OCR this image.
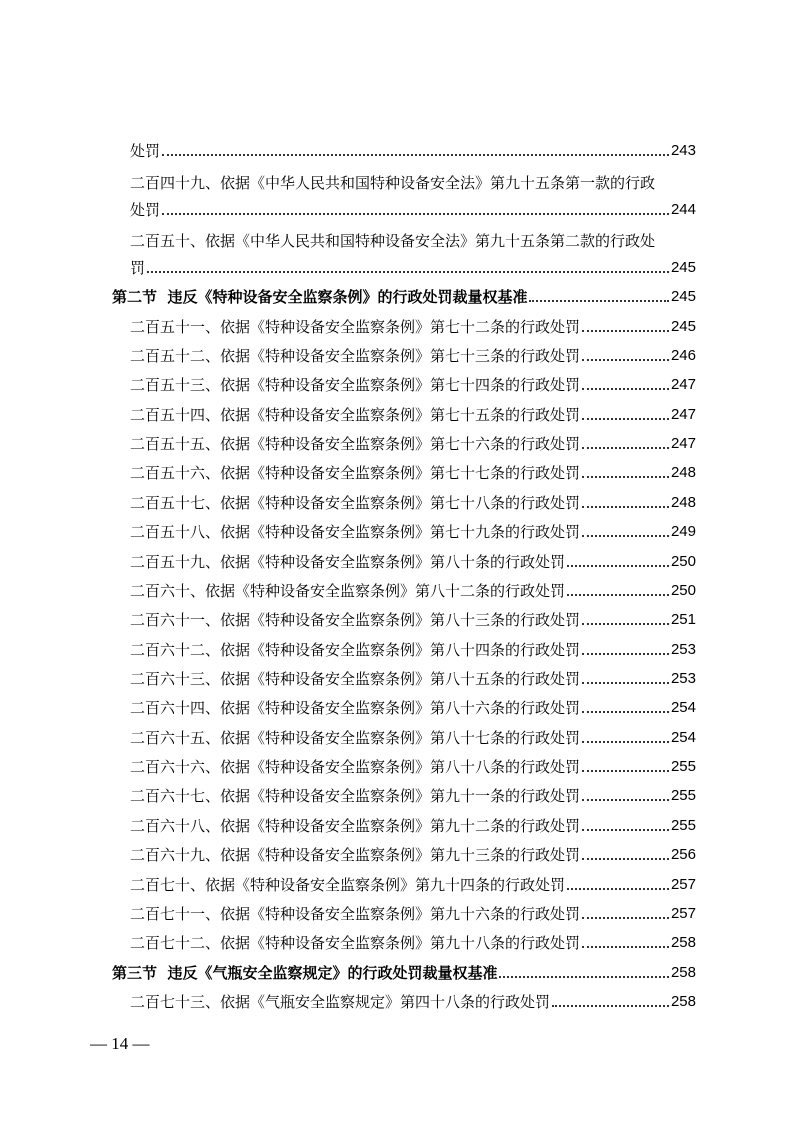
处罚	243
二百四十九、依据《中华人民共和国特种设备安全法》第九十五条第一款的行政
处罚	244
二百五十、依据《中华人民共和国特种设备安全法》第九十五条第二款的行政处
罚	245
第二节  违反《特种设备安全监察条例》的行政处罚裁量权基准	245
二百五十一、依据《特种设备安全监察条例》第七十二条的行政处罚	245
二百五十二、依据《特种设备安全监察条例》第七十三条的行政处罚	246
二百五十三、依据《特种设备安全监察条例》第七十四条的行政处罚	247
二百五十四、依据《特种设备安全监察条例》第七十五条的行政处罚	247
二百五十五、依据《特种设备安全监察条例》第七十六条的行政处罚	247
二百五十六、依据《特种设备安全监察条例》第七十七条的行政处罚	248
二百五十七、依据《特种设备安全监察条例》第七十八条的行政处罚	248
二百五十八、依据《特种设备安全监察条例》第七十九条的行政处罚	249
二百五十九、依据《特种设备安全监察条例》第八十条的行政处罚	250
二百六十、依据《特种设备安全监察条例》第八十二条的行政处罚	250
二百六十一、依据《特种设备安全监察条例》第八十三条的行政处罚	251
二百六十二、依据《特种设备安全监察条例》第八十四条的行政处罚	253
二百六十三、依据《特种设备安全监察条例》第八十五条的行政处罚	253
二百六十四、依据《特种设备安全监察条例》第八十六条的行政处罚	254
二百六十五、依据《特种设备安全监察条例》第八十七条的行政处罚	254
二百六十六、依据《特种设备安全监察条例》第八十八条的行政处罚	255
二百六十七、依据《特种设备安全监察条例》第九十一条的行政处罚	255
二百六十八、依据《特种设备安全监察条例》第九十二条的行政处罚	255
二百六十九、依据《特种设备安全监察条例》第九十三条的行政处罚	256
二百七十、依据《特种设备安全监察条例》第九十四条的行政处罚	257
二百七十一、依据《特种设备安全监察条例》第九十六条的行政处罚	257
二百七十二、依据《特种设备安全监察条例》第九十八条的行政处罚	258
第三节  违反《气瓶安全监察规定》的行政处罚裁量权基准	258
二百七十三、依据《气瓶安全监察规定》第四十八条的行政处罚	258
— 14 —
